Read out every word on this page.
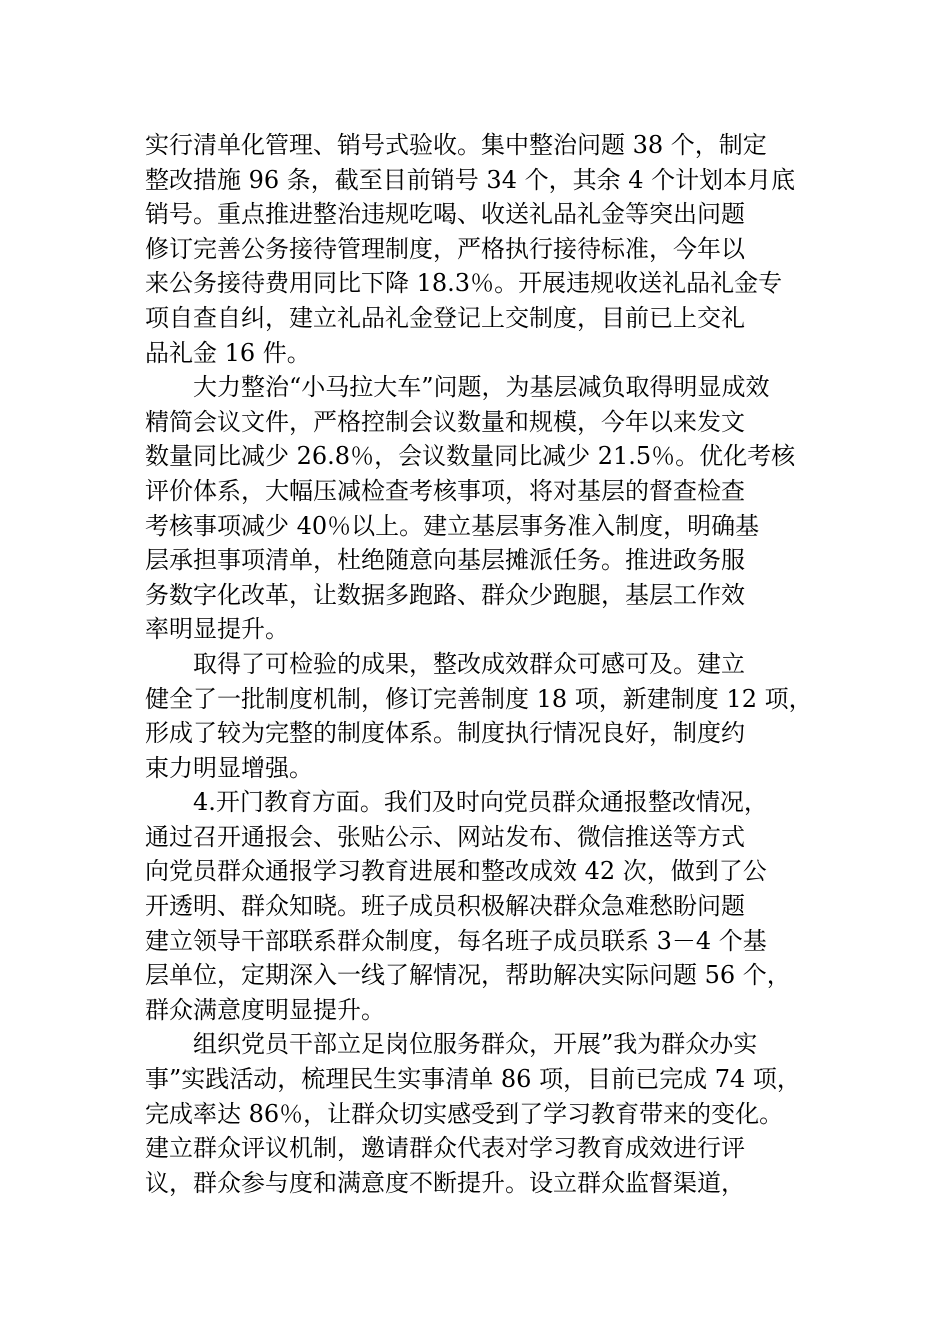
实行清单化管理、销号式验收。集中整治问题 38 个，制定
整改措施 96 条，截至目前销号 34 个，其余 4 个计划本月底
销号。重点推进整治违规吃喝、收送礼品礼金等突出问题
修订完善公务接待管理制度，严格执行接待标准，今年以
来公务接待费用同比下降 18.3％。开展违规收送礼品礼金专
项自查自纠，建立礼品礼金登记上交制度，目前已上交礼
品礼金 16 件。
大力整治“小马拉大车”问题，为基层减负取得明显成效
精简会议文件，严格控制会议数量和规模，今年以来发文
数量同比减少 26.8％，会议数量同比减少 21.5％。优化考核
评价体系，大幅压减检查考核事项，将对基层的督查检查
考核事项减少 40％以上。建立基层事务准入制度，明确基
层承担事项清单，杜绝随意向基层摊派任务。推进政务服
务数字化改革，让数据多跑路、群众少跑腿，基层工作效
率明显提升。
取得了可检验的成果，整改成效群众可感可及。建立
健全了一批制度机制，修订完善制度 18 项，新建制度 12 项，
形成了较为完整的制度体系。制度执行情况良好，制度约
束力明显增强。
4.开门教育方面。我们及时向党员群众通报整改情况，
通过召开通报会、张贴公示、网站发布、微信推送等方式
向党员群众通报学习教育进展和整改成效 42 次，做到了公
开透明、群众知晓。班子成员积极解决群众急难愁盼问题
建立领导干部联系群众制度，每名班子成员联系 3－4 个基
层单位，定期深入一线了解情况，帮助解决实际问题 56 个，
群众满意度明显提升。
组织党员干部立足岗位服务群众，开展”我为群众办实
事”实践活动，梳理民生实事清单 86 项，目前已完成 74 项，
完成率达 86％，让群众切实感受到了学习教育带来的变化。
建立群众评议机制，邀请群众代表对学习教育成效进行评
议，群众参与度和满意度不断提升。设立群众监督渠道，
